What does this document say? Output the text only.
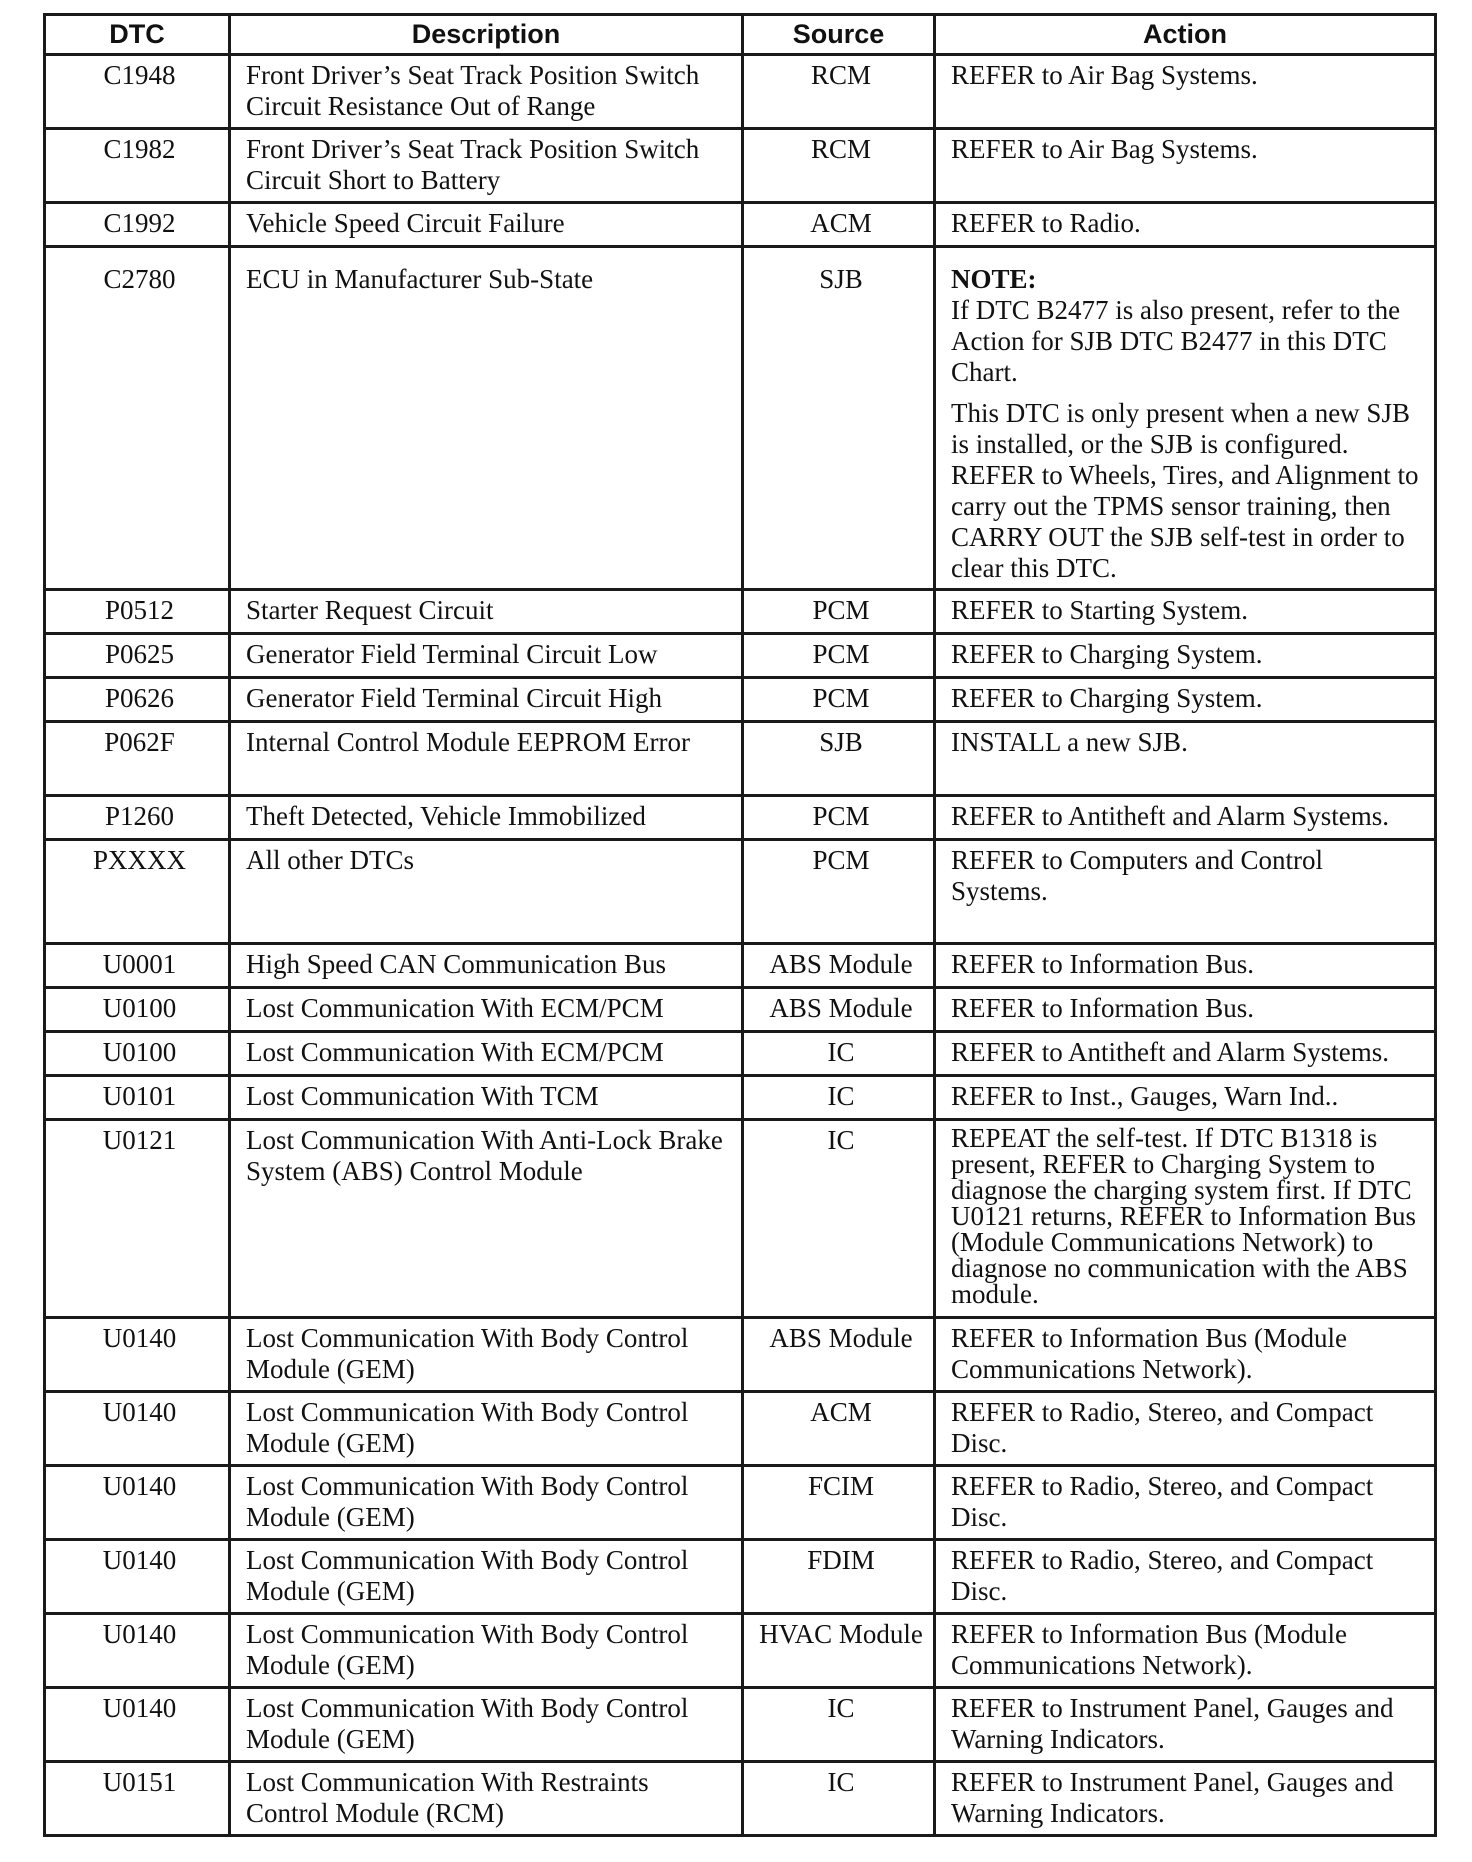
DTC	Description	Source	Action
C1948	Front Driver’s Seat Track Position Switch Circuit Resistance Out of Range	RCM	REFER to Air Bag Systems.
C1982	Front Driver’s Seat Track Position Switch Circuit Short to Battery	RCM	REFER to Air Bag Systems.
C1992	Vehicle Speed Circuit Failure	ACM	REFER to Radio.
C2780	ECU in Manufacturer Sub-State	SJB	NOTE:
If DTC B2477 is also present, refer to the Action for SJB DTC B2477 in this DTC Chart.
This DTC is only present when a new SJB is installed, or the SJB is configured. REFER to Wheels, Tires, and Alignment to carry out the TPMS sensor training, then CARRY OUT the SJB self-test in order to clear this DTC.

P0512	Starter Request Circuit	PCM	REFER to Starting System.
P0625	Generator Field Terminal Circuit Low	PCM	REFER to Charging System.
P0626	Generator Field Terminal Circuit High	PCM	REFER to Charging System.
P062F	Internal Control Module EEPROM Error	SJB	INSTALL a new SJB.
P1260	Theft Detected, Vehicle Immobilized	PCM	REFER to Antitheft and Alarm Systems.
PXXXX	All other DTCs	PCM	REFER to Computers and Control Systems.
U0001	High Speed CAN Communication Bus	ABS Module	REFER to Information Bus.
U0100	Lost Communication With ECM/PCM	ABS Module	REFER to Information Bus.
U0100	Lost Communication With ECM/PCM	IC	REFER to Antitheft and Alarm Systems.
U0101	Lost Communication With TCM	IC	REFER to Inst., Gauges, Warn Ind..
U0121	Lost Communication With Anti-Lock Brake System (ABS) Control Module	IC	REPEAT the self-test. If DTC B1318 is present, REFER to Charging System to diagnose the charging system first. If DTC U0121 returns, REFER to Information Bus (Module Communications Network) to diagnose no communication with the ABS module.
U0140	Lost Communication With Body Control Module (GEM)	ABS Module	REFER to Information Bus (Module Communications Network).
U0140	Lost Communication With Body Control Module (GEM)	ACM	REFER to Radio, Stereo, and Compact Disc.
U0140	Lost Communication With Body Control Module (GEM)	FCIM	REFER to Radio, Stereo, and Compact Disc.
U0140	Lost Communication With Body Control Module (GEM)	FDIM	REFER to Radio, Stereo, and Compact Disc.
U0140	Lost Communication With Body Control Module (GEM)	HVAC Module	REFER to Information Bus (Module Communications Network).
U0140	Lost Communication With Body Control Module (GEM)	IC	REFER to Instrument Panel, Gauges and Warning Indicators.
U0151	Lost Communication With Restraints Control Module (RCM)	IC	REFER to Instrument Panel, Gauges and Warning Indicators.
